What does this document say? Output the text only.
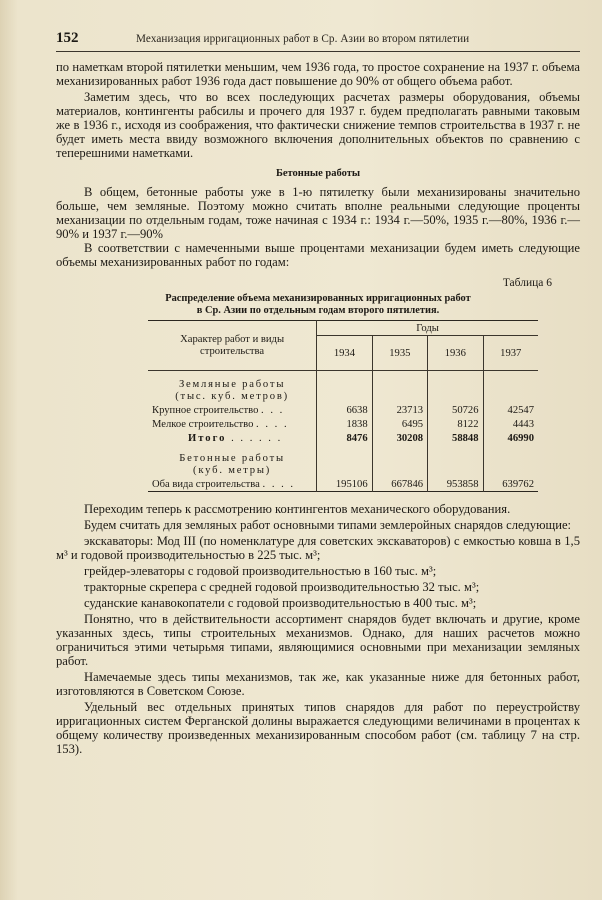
152	Механизация ирригационных работ в Ср. Азии во втором пятилетии

по наметкам второй пятилетки меньшим, чем 1936 года, то простое сохранение на 1937 г. объема механизированных работ 1936 года даст повышение до 90% от общего объема работ.

Заметим здесь, что во всех последующих расчетах размеры оборудования, объемы материалов, контингенты рабсилы и прочего для 1937 г. будем предполагать равными таковым же в 1936 г., исходя из соображения, что фактически снижение темпов строительства в 1937 г. не будет иметь места ввиду возможного включения дополнительных объектов по сравнению с теперешними наметками.

Бетонные работы

В общем, бетонные работы уже в 1-ю пятилетку были механизированы значительно больше, чем земляные. Поэтому можно считать вполне реальными следующие проценты механизации по отдельным годам, тоже начиная с 1934 г.: 1934 г.—50%, 1935 г.—80%, 1936 г.—90% и 1937 г.—90%

В соответствии с намеченными выше процентами механизации будем иметь следующие объемы механизированных работ по годам:

Таблица 6
Распределение объема механизированных ирригационных работ
в Ср. Азии по отдельным годам второго пятилетия.
Характер работ и виды строительства	Годы			
	1934	1935	1936	1937

Земляные работы
(тыс. куб. метров)				
Крупное строительство . . .	6638	23713	50726	42547
Мелкое строительство . . . .	1838	6495	8122	4443
Итого . . . . . .	8476	30208	58848	46990

Бетонные работы
(куб. метры)				
Оба вида строительства . . . .	195106	667846	953858	639762

Переходим теперь к рассмотрению контингентов механического оборудования.

Будем считать для земляных работ основными типами землеройных снарядов следующие:

экскаваторы: Мод III (по номенклатуре для советских экскаваторов) с емкостью ковша в 1,5 м³ и годовой производительностью в 225 тыс. м³;

грейдер-элеваторы с годовой производительностью в 160 тыс. м³;

тракторные скрепера с средней годовой производительностью 32 тыс. м³;

суданские канавокопатели с годовой производительностью в 400 тыс. м³;

Понятно, что в действительности ассортимент снарядов будет включать и другие, кроме указанных здесь, типы строительных механизмов. Однако, для наших расчетов можно ограничиться этими четырьмя типами, являющимися основными при механизации земляных работ.

Намечаемые здесь типы механизмов, так же, как указанные ниже для бетонных работ, изготовляются в Советском Союзе.

Удельный вес отдельных принятых типов снарядов для работ по переустройству ирригационных систем Ферганской долины выражается следующими величинами в процентах к общему количеству произведенных механизированным способом работ (см. таблицу 7 на стр. 153).
